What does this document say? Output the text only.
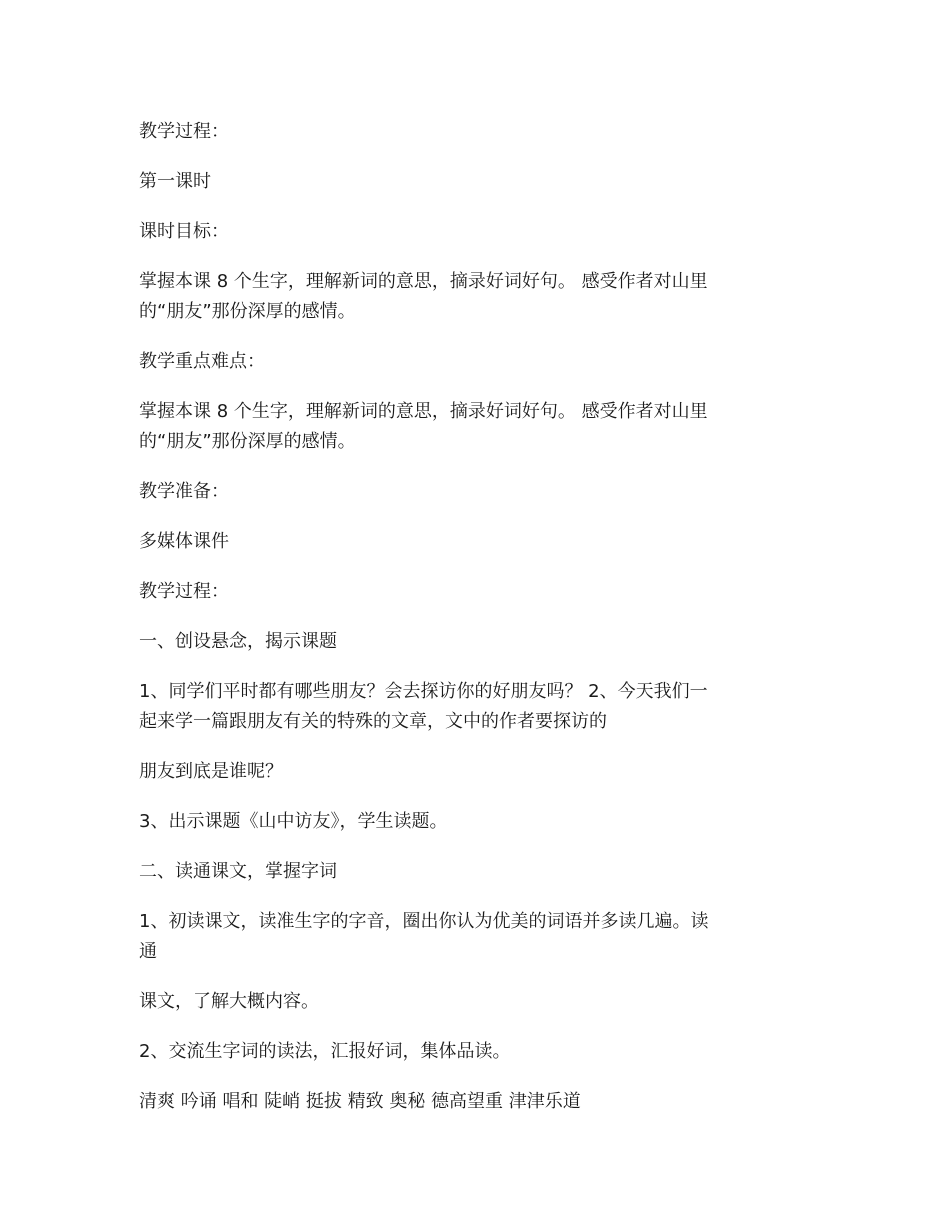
教学过程：
第一课时
课时目标：
掌握本课 8 个生字，理解新词的意思，摘录好词好句。 感受作者对山里
的“朋友”那份深厚的感情。
教学重点难点：
掌握本课 8 个生字，理解新词的意思，摘录好词好句。 感受作者对山里
的“朋友”那份深厚的感情。
教学准备：
多媒体课件
教学过程：
一、创设悬念，揭示课题
1、同学们平时都有哪些朋友？会去探访你的好朋友吗？ 2、今天我们一
起来学一篇跟朋友有关的特殊的文章，文中的作者要探访的
朋友到底是谁呢？
3、出示课题《山中访友》，学生读题。
二、读通课文，掌握字词
1、初读课文，读准生字的字音，圈出你认为优美的词语并多读几遍。读
通
课文，了解大概内容。
2、交流生字词的读法，汇报好词，集体品读。
清爽 吟诵 唱和 陡峭 挺拔 精致 奥秘 德高望重 津津乐道
